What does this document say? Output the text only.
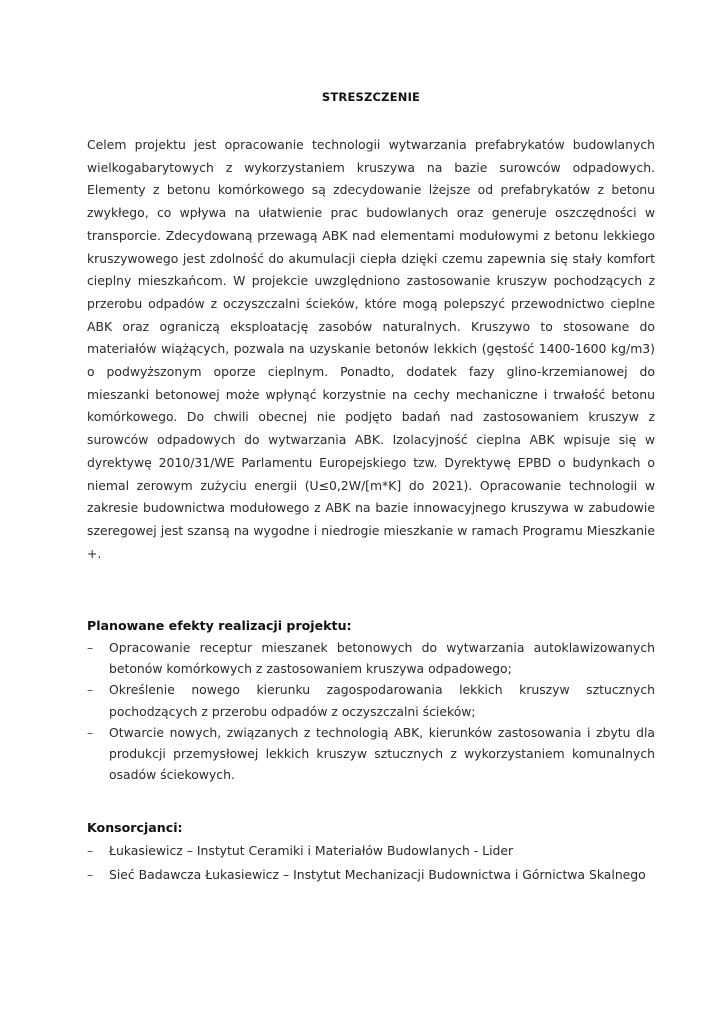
STRESZCZENIE

Celem projektu jest opracowanie technologii wytwarzania prefabrykatów budowlanych wielkogabarytowych z wykorzystaniem kruszywa na bazie surowców odpadowych. Elementy z betonu komórkowego są zdecydowanie lżejsze od prefabrykatów z betonu zwykłego, co wpływa na ułatwienie prac budowlanych oraz generuje oszczędności w transporcie. Zdecydowaną przewagą ABK nad elementami modułowymi z betonu lekkiego kruszywowego jest zdolność do akumulacji ciepła dzięki czemu zapewnia się stały komfort cieplny mieszkańcom. W projekcie uwzględniono zastosowanie kruszyw pochodzących z przerobu odpadów z oczyszczalni ścieków, które mogą polepszyć przewodnictwo cieplne ABK oraz ograniczą eksploatację zasobów naturalnych. Kruszywo to stosowane do materiałów wiążących, pozwala na uzyskanie betonów lekkich (gęstość 1400-1600 kg/m3) o podwyższonym oporze cieplnym. Ponadto, dodatek fazy glino-krzemianowej do mieszanki betonowej może wpłynąć korzystnie na cechy mechaniczne i trwałość betonu komórkowego. Do chwili obecnej nie podjęto badań nad zastosowaniem kruszyw z surowców odpadowych do wytwarzania ABK. Izolacyjność cieplna ABK wpisuje się w dyrektywę 2010/31/WE Parlamentu Europejskiego tzw. Dyrektywę EPBD o budynkach o niemal zerowym zużyciu energii (U≤0,2W/[m*K] do 2021). Opracowanie technologii w zakresie budownictwa modułowego z ABK na bazie innowacyjnego kruszywa w zabudowie szeregowej jest szansą na wygodne i niedrogie mieszkanie w ramach Programu Mieszkanie +.

Planowane efekty realizacji projektu:
– Opracowanie receptur mieszanek betonowych do wytwarzania autoklawizowanych betonów komórkowych z zastosowaniem kruszywa odpadowego;
– Określenie nowego kierunku zagospodarowania lekkich kruszyw sztucznych pochodzących z przerobu odpadów z oczyszczalni ścieków;
– Otwarcie nowych, związanych z technologią ABK, kierunków zastosowania i zbytu dla produkcji przemysłowej lekkich kruszyw sztucznych z wykorzystaniem komunalnych osadów ściekowych.
Konsorcjanci:
– Łukasiewicz – Instytut Ceramiki i Materiałów Budowlanych - Lider
– Sieć Badawcza Łukasiewicz – Instytut Mechanizacji Budownictwa i Górnictwa Skalnego
